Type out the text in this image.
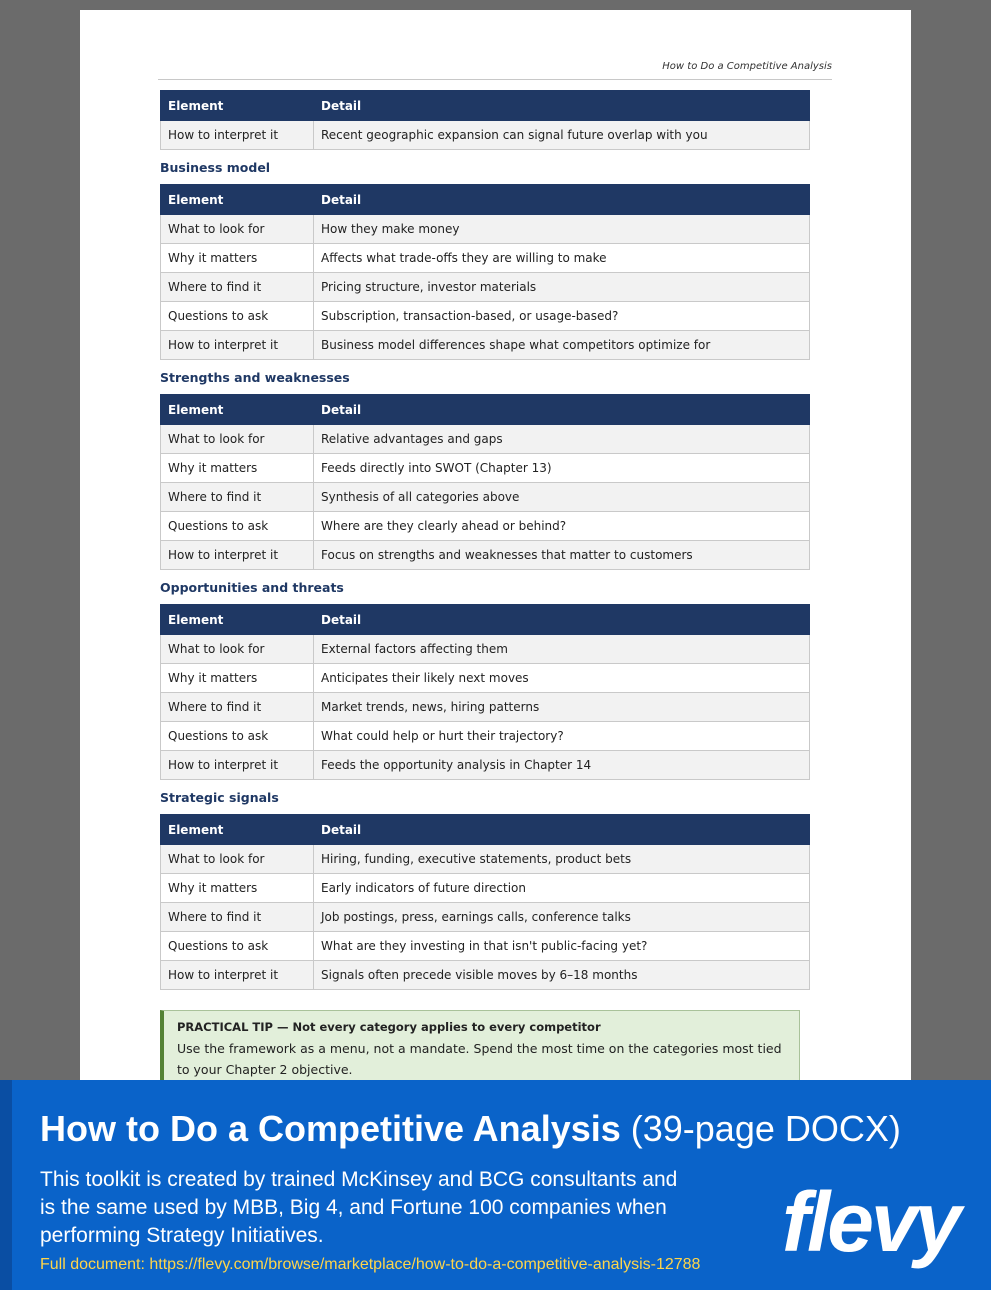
How to Do a Competitive Analysis
Element	Detail
How to interpret it	Recent geographic expansion can signal future overlap with you
Business model
Element	Detail
What to look for	How they make money
Why it matters	Affects what trade-offs they are willing to make
Where to find it	Pricing structure, investor materials
Questions to ask	Subscription, transaction-based, or usage-based?
How to interpret it	Business model differences shape what competitors optimize for
Strengths and weaknesses
Element	Detail
What to look for	Relative advantages and gaps
Why it matters	Feeds directly into SWOT (Chapter 13)
Where to find it	Synthesis of all categories above
Questions to ask	Where are they clearly ahead or behind?
How to interpret it	Focus on strengths and weaknesses that matter to customers
Opportunities and threats
Element	Detail
What to look for	External factors affecting them
Why it matters	Anticipates their likely next moves
Where to find it	Market trends, news, hiring patterns
Questions to ask	What could help or hurt their trajectory?
How to interpret it	Feeds the opportunity analysis in Chapter 14
Strategic signals
Element	Detail
What to look for	Hiring, funding, executive statements, product bets
Why it matters	Early indicators of future direction
Where to find it	Job postings, press, earnings calls, conference talks
Questions to ask	What are they investing in that isn't public-facing yet?
How to interpret it	Signals often precede visible moves by 6–18 months
PRACTICAL TIP — Not every category applies to every competitor
Use the framework as a menu, not a mandate. Spend the most time on the categories most tied to your Chapter 2 objective.
How to Do a Competitive Analysis (39-page DOCX)
This toolkit is created by trained McKinsey and BCG consultants and is the same used by MBB, Big 4, and Fortune 100 companies when performing Strategy Initiatives.
Full document: https://flevy.com/browse/marketplace/how-to-do-a-competitive-analysis-12788 flevy
